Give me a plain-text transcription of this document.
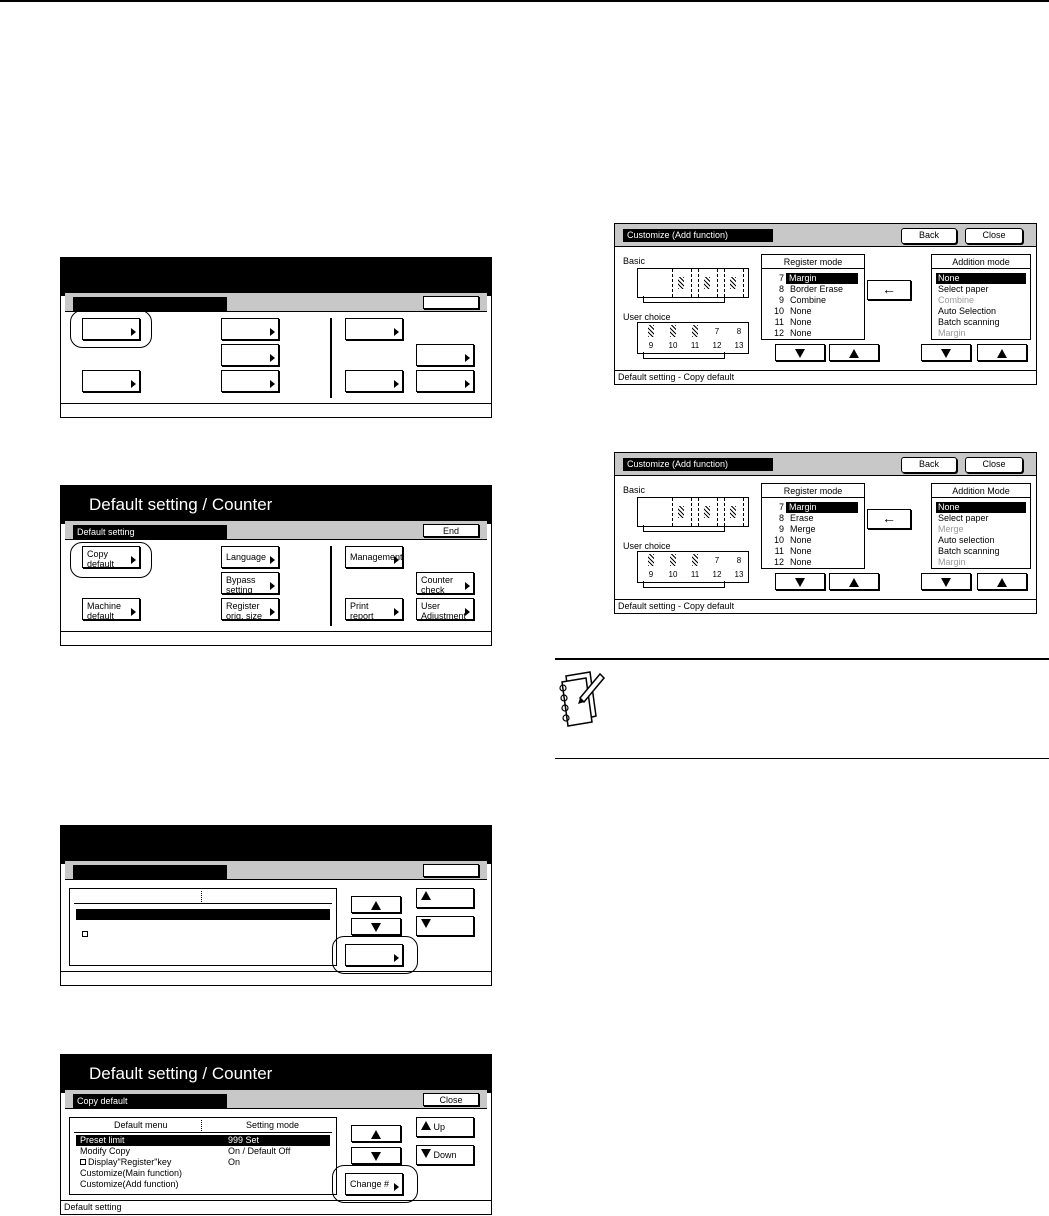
Default setting / Counter
Default setting	End
Copy
default
Language
Bypass
setting
Machine
default
Register
orig. size
Management
Counter
check
Print
report
User
Adjustment
Default setting / Counter
Copy default	Close
Default menu	Setting mode
Preset limit	999 Set
Modify Copy	On / Default Off
Display"Register"key	On
Customize(Main function)
Customize(Add function)
Up
Down
Change #
Default setting
Customize (Add function)	Back	Close
Basic
User choice
7	8
9	10	11	12	13
Register mode
7 Margin
8 Border Erase
9 Combine
10 None
11 None
12 None
←
Addition mode
None
Select paper
Combine
Auto Selection
Batch scanning
Margin
Default setting - Copy default
Customize (Add function)	Back	Close
Basic
User choice
7	8
9	10	11	12	13
Register mode
7 Margin
8 Erase
9 Merge
10 None
11 None
12 None
←
Addition Mode
None
Select paper
Merge
Auto selection
Batch scanning
Margin
Default setting - Copy default
